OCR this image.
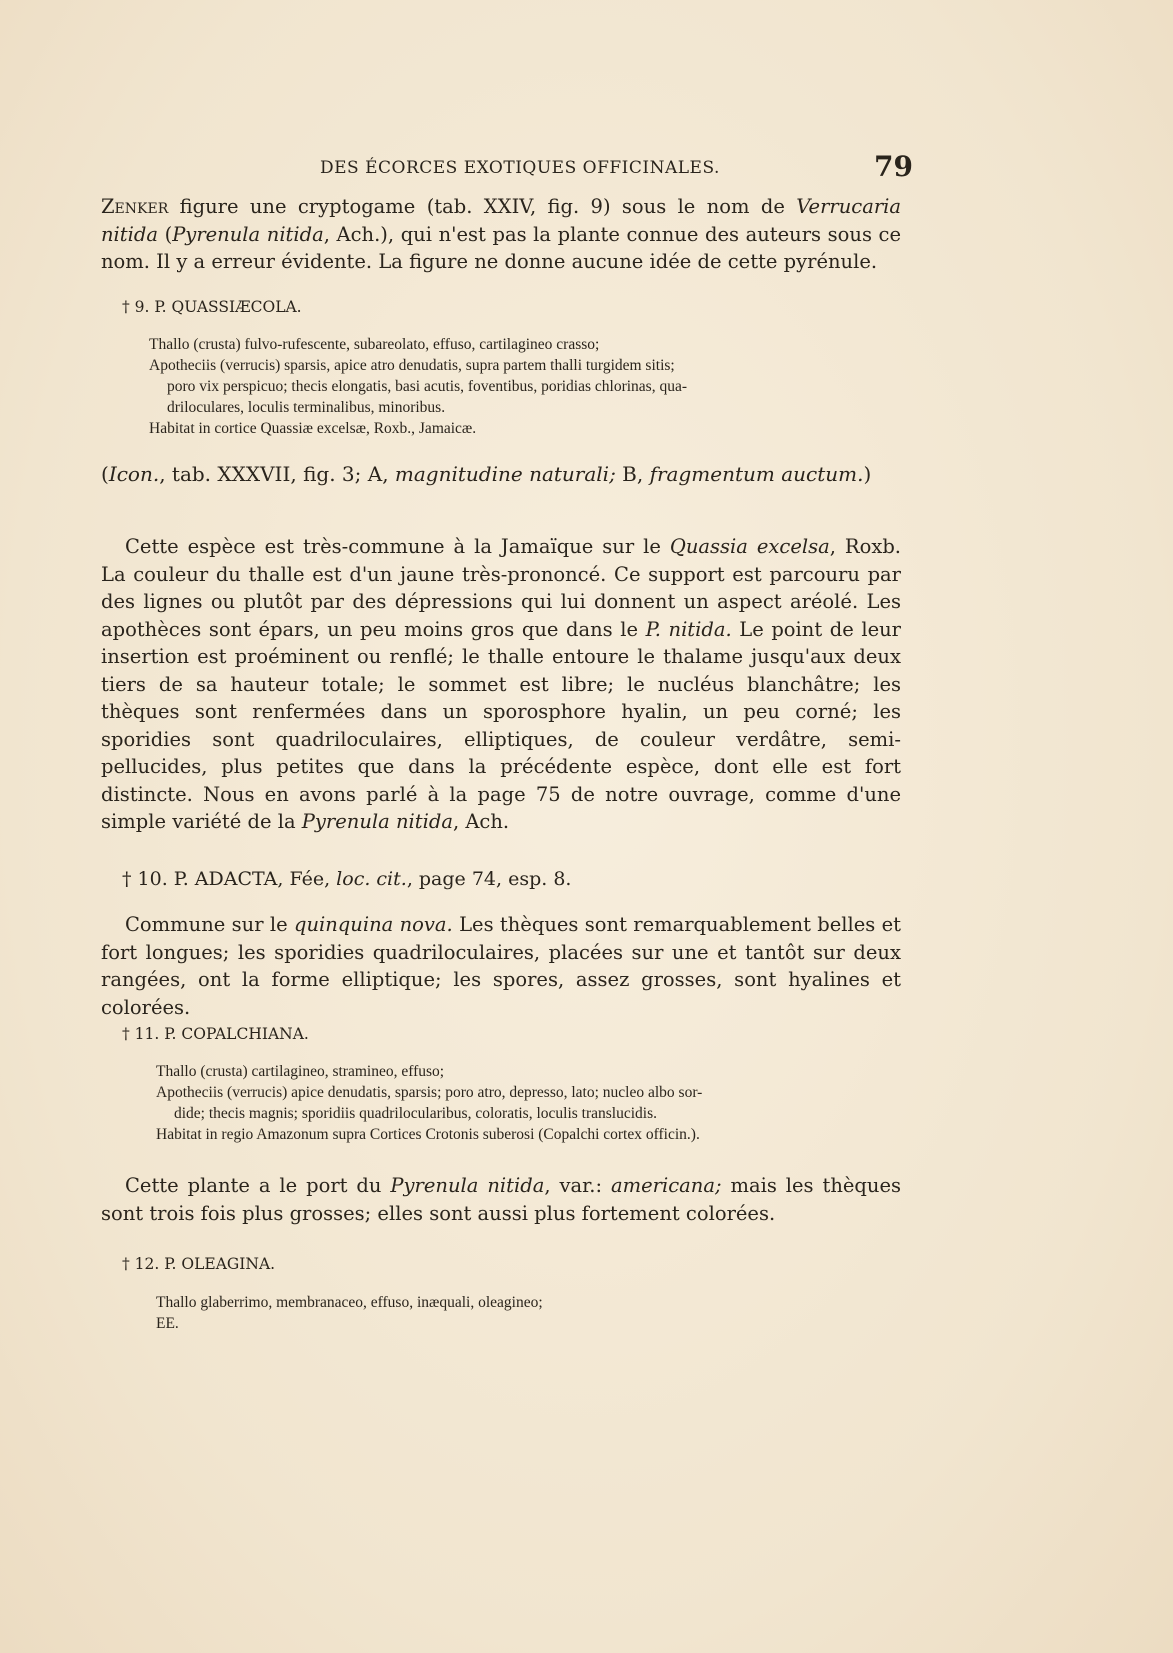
DES ÉCORCES EXOTIQUES OFFICINALES.	79

Zenker figure une cryptogame (tab. XXIV, fig. 9) sous le nom de Verrucaria nitida (Pyrenula nitida, Ach.), qui n'est pas la plante connue des auteurs sous ce nom. Il y a erreur évidente. La figure ne donne aucune idée de cette pyrénule.

† 9. P. QUASSIÆCOLA.

Thallo (crusta) fulvo-rufescente, subareolato, effuso, cartilagineo crasso;

Apotheciis (verrucis) sparsis, apice atro denudatis, supra partem thalli turgidem sitis;

poro vix perspicuo; thecis elongatis, basi acutis, foventibus, poridias chlorinas, qua-

driloculares, loculis terminalibus, minoribus.

Habitat in cortice Quassiæ excelsæ, Roxb., Jamaicæ.

(Icon., tab. XXXVII, fig. 3; A, magnitudine naturali; B, fragmentum auctum.)

Cette espèce est très-commune à la Jamaïque sur le Quassia excelsa, Roxb. La couleur du thalle est d'un jaune très-prononcé. Ce support est parcouru par des lignes ou plutôt par des dépressions qui lui donnent un aspect aréolé. Les apothèces sont épars, un peu moins gros que dans le P. nitida. Le point de leur insertion est proéminent ou renflé; le thalle entoure le thalame jusqu'aux deux tiers de sa hauteur totale; le sommet est libre; le nucléus blanchâtre; les thèques sont renfermées dans un sporosphore hyalin, un peu corné; les sporidies sont quadriloculaires, elliptiques, de couleur verdâtre, semi-pellucides, plus petites que dans la précédente espèce, dont elle est fort distincte. Nous en avons parlé à la page 75 de notre ouvrage, comme d'une simple variété de la Pyrenula nitida, Ach.

† 10. P. ADACTA, Fée, loc. cit., page 74, esp. 8.

Commune sur le quinquina nova. Les thèques sont remarquablement belles et fort longues; les sporidies quadriloculaires, placées sur une et tantôt sur deux rangées, ont la forme elliptique; les spores, assez grosses, sont hyalines et colorées.

† 11. P. COPALCHIANA.

Thallo (crusta) cartilagineo, stramineo, effuso;

Apotheciis (verrucis) apice denudatis, sparsis; poro atro, depresso, lato; nucleo albo sor-

dide; thecis magnis; sporidiis quadrilocularibus, coloratis, loculis translucidis.

Habitat in regio Amazonum supra Cortices Crotonis suberosi (Copalchi cortex officin.).

Cette plante a le port du Pyrenula nitida, var.: americana; mais les thèques sont trois fois plus grosses; elles sont aussi plus fortement colorées.

† 12. P. OLEAGINA.

Thallo glaberrimo, membranaceo, effuso, inæquali, oleagineo;

EE.
